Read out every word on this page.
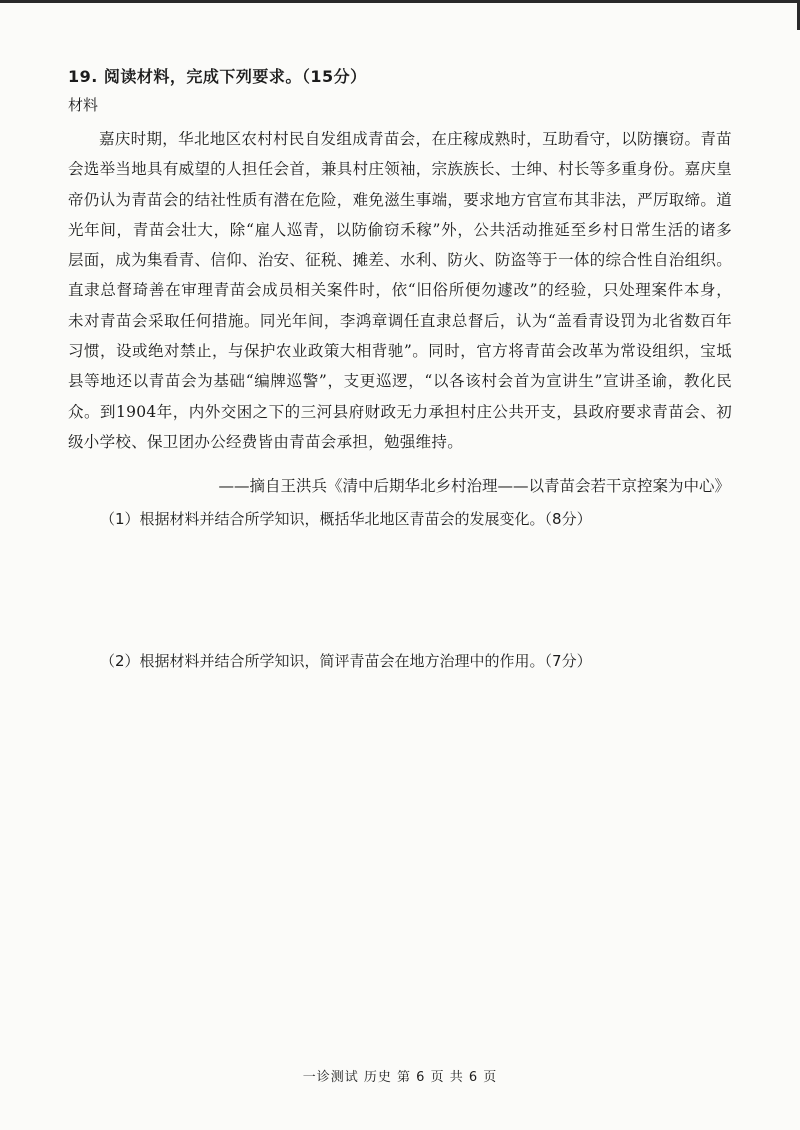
19. 阅读材料，完成下列要求。（15分）
材料
嘉庆时期，华北地区农村村民自发组成青苗会，在庄稼成熟时，互助看守，以防攘窃。青苗会选举当地具有威望的人担任会首，兼具村庄领袖，宗族族长、士绅、村长等多重身份。嘉庆皇帝仍认为青苗会的结社性质有潜在危险，难免滋生事端，要求地方官宣布其非法，严厉取缔。道光年间，青苗会壮大，除“雇人巡青，以防偷窃禾稼”外，公共活动推延至乡村日常生活的诸多层面，成为集看青、信仰、治安、征税、摊差、水利、防火、防盗等于一体的综合性自治组织。直隶总督琦善在审理青苗会成员相关案件时，依“旧俗所便勿遽改”的经验，只处理案件本身，未对青苗会采取任何措施。同光年间，李鸿章调任直隶总督后，认为“盖看青设罚为北省数百年习惯，设或绝对禁止，与保护农业政策大相背驰”。同时，官方将青苗会改革为常设组织，宝坻县等地还以青苗会为基础“编牌巡警”，支更巡逻，“以各该村会首为宣讲生”宣讲圣谕，教化民众。到1904年，内外交困之下的三河县府财政无力承担村庄公共开支，县政府要求青苗会、初级小学校、保卫团办公经费皆由青苗会承担，勉强维持。
——摘自王洪兵《清中后期华北乡村治理——以青苗会若干京控案为中心》
（1）根据材料并结合所学知识，概括华北地区青苗会的发展变化。（8分）
（2）根据材料并结合所学知识，简评青苗会在地方治理中的作用。（7分）
一诊测试 历史 第 6 页 共 6 页
